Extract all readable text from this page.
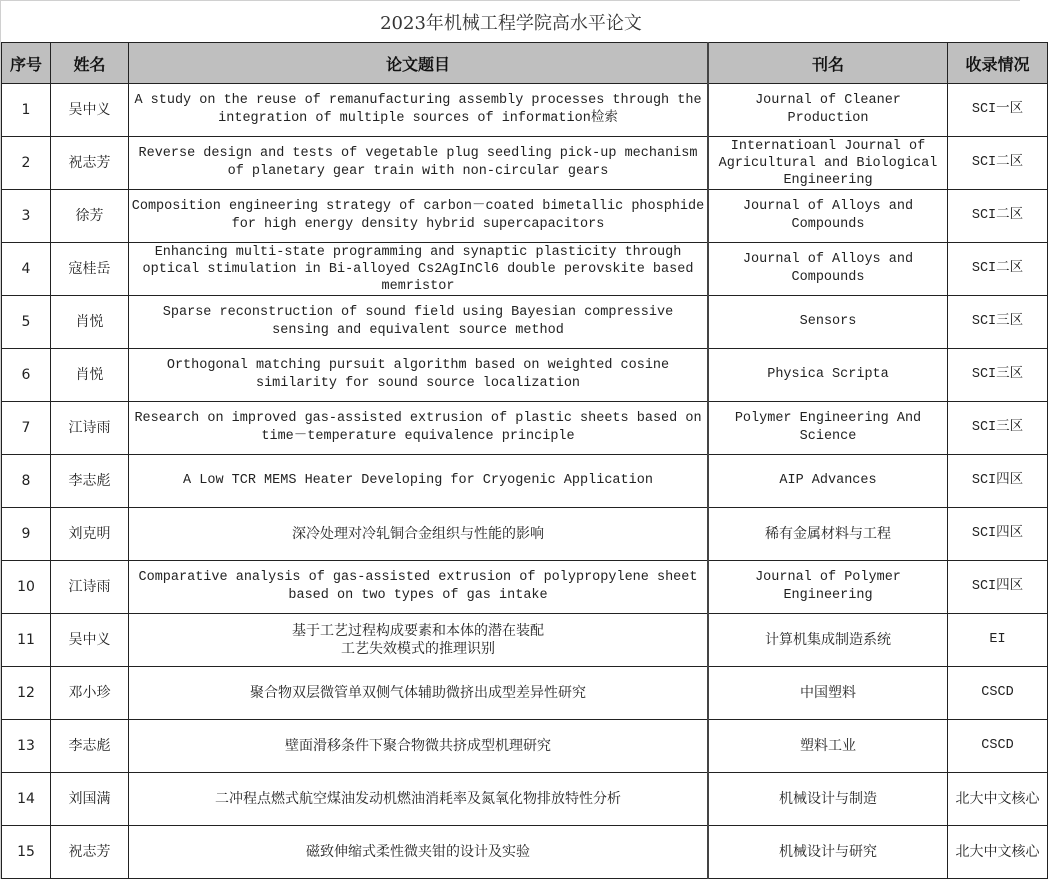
2023年机械工程学院高水平论文
序号	姓名	论文题目	刊名	收录情况
1	吴中义	A study on the reuse of remanufacturing assembly processes through the integration of multiple sources of information检索	Journal of Cleaner Production	SCI一区
2	祝志芳	Reverse design and tests of vegetable plug seedling pick-up mechanism of planetary gear train with non-circular gears	Internatioanl Journal of Agricultural and Biological Engineering	SCI二区
3	徐芳	Composition engineering strategy of carbon－coated bimetallic phosphide for high energy density hybrid supercapacitors	Journal of Alloys and Compounds	SCI二区
4	寇桂岳	Enhancing multi-state programming and synaptic plasticity through optical stimulation in Bi-alloyed Cs2AgInCl6 double perovskite based memristor	Journal of Alloys and Compounds	SCI二区
5	肖悦	Sparse reconstruction of sound field using Bayesian compressive sensing and equivalent source method	Sensors	SCI三区
6	肖悦	Orthogonal matching pursuit algorithm based on weighted cosine similarity for sound source localization	Physica Scripta	SCI三区
7	江诗雨	Research on improved gas-assisted extrusion of plastic sheets based on time－temperature equivalence principle	Polymer Engineering And Science	SCI三区
8	李志彪	A Low TCR MEMS Heater Developing for Cryogenic Application	AIP Advances	SCI四区
9	刘克明	深冷处理对冷轧铜合金组织与性能的影响	稀有金属材料与工程	SCI四区
10	江诗雨	Comparative analysis of gas-assisted extrusion of polypropylene sheet based on two types of gas intake	Journal of Polymer Engineering	SCI四区
11	吴中义	基于工艺过程构成要素和本体的潜在装配
工艺失效模式的推理识别	计算机集成制造系统	EI
12	邓小珍	聚合物双层微管单双侧气体辅助微挤出成型差异性研究	中国塑料	CSCD
13	李志彪	壁面滑移条件下聚合物微共挤成型机理研究	塑料工业	CSCD
14	刘国满	二冲程点燃式航空煤油发动机燃油消耗率及氮氧化物排放特性分析	机械设计与制造	北大中文核心
15	祝志芳	磁致伸缩式柔性微夹钳的设计及实验	机械设计与研究	北大中文核心
